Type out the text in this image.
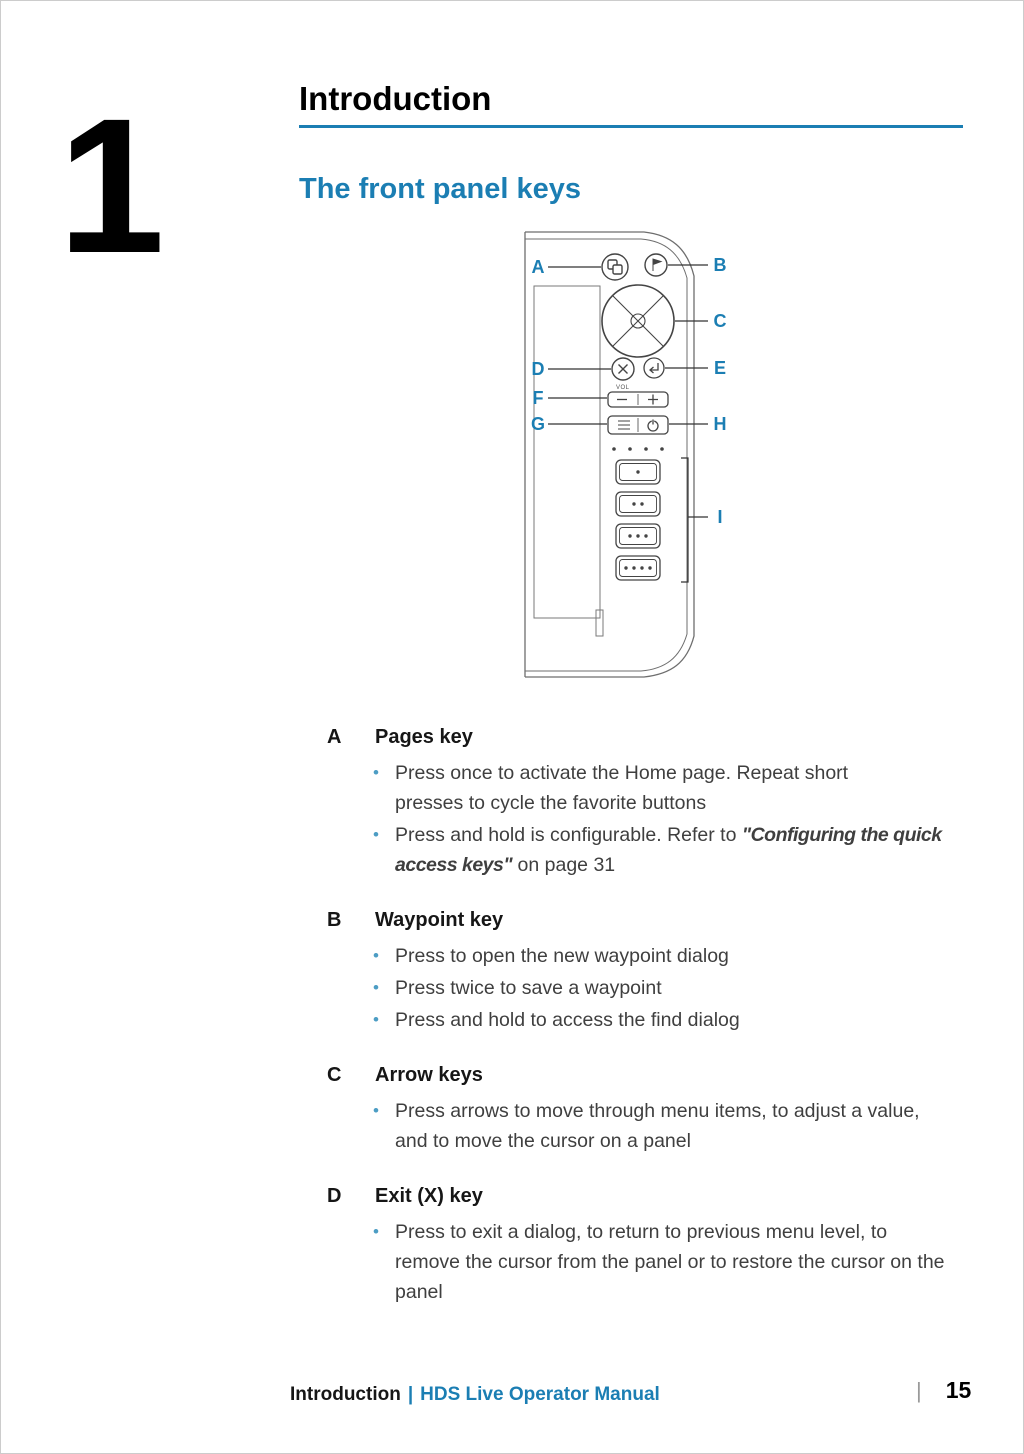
1	Introduction
The front panel keys
VOL
A	B
C
D	E
F
G	H
I
A	Pages key
• Press once to activate the Home page. Repeat short presses to cycle the favorite buttons
• Press and hold is configurable. Refer to "Configuring the quick access keys" on page 31
B	Waypoint key
• Press to open the new waypoint dialog
• Press twice to save a waypoint
• Press and hold to access the find dialog
C	Arrow keys
• Press arrows to move through menu items, to adjust a value, and to move the cursor on a panel
D	Exit (X) key
• Press to exit a dialog, to return to previous menu level, to remove the cursor from the panel or to restore the cursor on the panel
Introduction | HDS Live Operator Manual	| 15
